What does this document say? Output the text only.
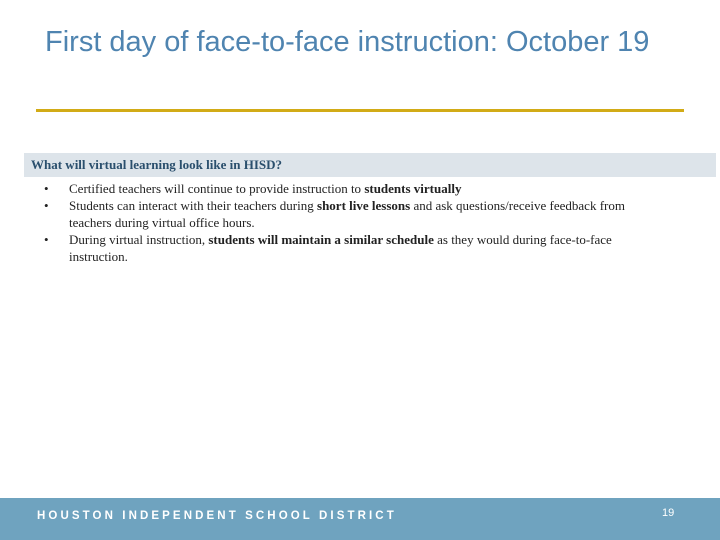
First day of face-to-face instruction: October 19
What will virtual learning look like in HISD?
• Certified teachers will continue to provide instruction to students virtually
• Students can interact with their teachers during short live lessons and ask questions/receive feedback from teachers during virtual office hours.
• During virtual instruction, students will maintain a similar schedule as they would during face-to-face instruction.
HOUSTON INDEPENDENT SCHOOL DISTRICT	19
